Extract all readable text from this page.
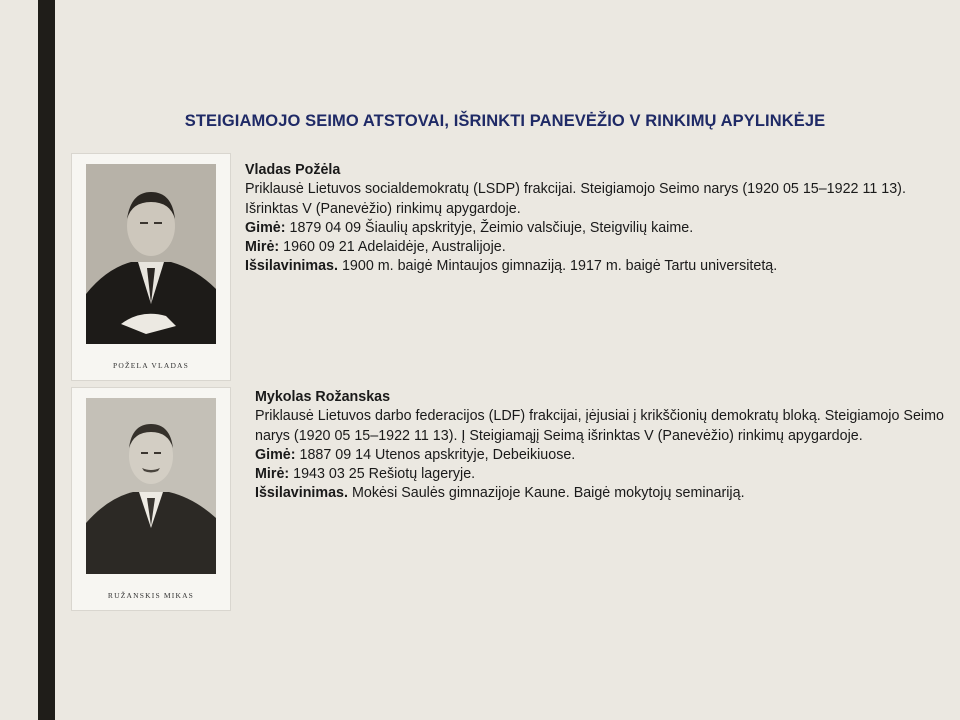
STEIGIAMOJO SEIMO ATSTOVAI, IŠRINKTI PANEVĖŽIO V RINKIMŲ APYLINKĖJE
POŽELA VLADAS

Vladas Požėla

Priklausė Lietuvos socialdemokratų (LSDP) frakcijai. Steigiamojo Seimo narys (1920 05 15–1922 11 13). Išrinktas V (Panevėžio) rinkimų apygardoje.

Gimė: 1879 04 09 Šiaulių apskrityje, Žeimio valsčiuje, Steigvilių kaime.

Mirė: 1960 09 21 Adelaidėje, Australijoje.

Išsilavinimas. 1900 m. baigė Mintaujos gimnaziją. 1917 m. baigė Tartu universitetą.

RUŽANSKIS MIKAS

Mykolas Rožanskas

Priklausė Lietuvos darbo federacijos (LDF) frakcijai, įėjusiai į krikščionių demokratų bloką. Steigiamojo Seimo narys (1920 05 15–1922 11 13). Į Steigiamąjį Seimą išrinktas V (Panevėžio) rinkimų apygardoje.

Gimė: 1887 09 14 Utenos apskrityje, Debeikiuose.

Mirė: 1943 03 25 Rešiotų lageryje.

Išsilavinimas. Mokėsi Saulės gimnazijoje Kaune. Baigė mokytojų seminariją.
